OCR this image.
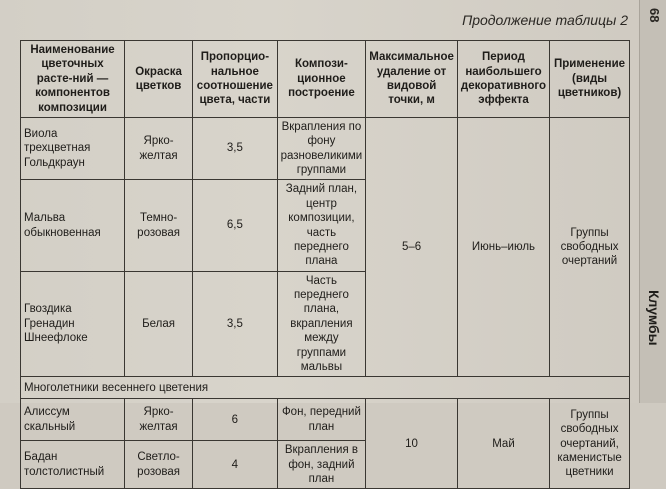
Продолжение таблицы 2
Наименование цветочных расте-ний — компонентов композиции	Окраска цветков	Пропорцио-нальное соотношение цвета, части	Компози-ционное построение	Максимальное удаление от видовой точки, м	Период наибольшего декоративного эффекта	Применение (виды цветников)
Виола трехцветная Гольдкраун	Ярко-желтая	3,5	Вкрапления по фону разновеликими группами	5–6	Июнь–июль	Группы свободных очертаний
Мальва обыкновенная	Темно-розовая	6,5	Задний план, центр композиции, часть переднего плана			
Гвоздика Гренадин Шнеефлоке	Белая	3,5	Часть переднего плана, вкрапления между группами мальвы			
Многолетники весеннего цветения						
Алиссум скальный	Ярко-желтая	6	Фон, передний план	10	Май	Группы свободных очертаний, каменистые цветники
Бадан толстолистный	Светло-розовая	4	Вкрапления в фон, задний план			
68
Клумбы
